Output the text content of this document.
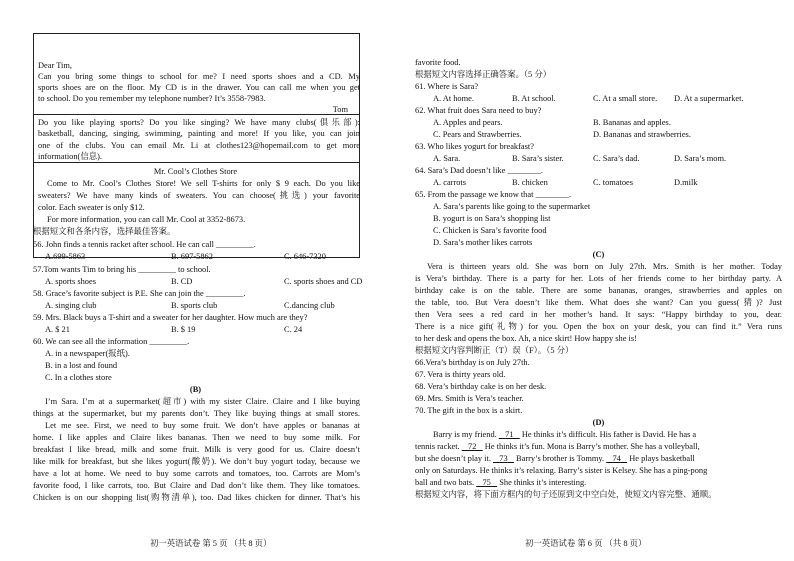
Dear Tim,
Can you bring some things to school for me? I need sports shoes and a CD. My
sports shoes are on the floor. My CD is in the drawer. You can call me when you get
to school. Do you remember my telephone number? It’s 3558-7983.
Tom
Do you like playing sports? Do you like singing? We have many clubs(俱乐部):
basketball, dancing, singing, swimming, painting and more! If you like, you can join
one of the clubs. You can email Mr. Li at clothes123@hopemail.com to get more
information(信息).
Mr. Cool’s Clothes Store
Come to Mr. Cool’s Clothes Store! We sell T-shirts for only $ 9 each. Do you like
sweaters? We have many kinds of sweaters. You can choose(挑选) your favorite
color. Each sweater is only $12.
For more information, you can call Mr. Cool at 3352-8673.
根据短文和各条内容，选择最佳答案。
56. John finds a tennis racket after school. He can call _________.
A.699-5863	B. 697-5862	C. 646-7320
57.Tom wants Tim to bring his _________ to school.
A. sports shoes	B. CD	C. sports shoes and CD
58. Grace’s favorite subject is P.E. She can join the _________.
A. singing club	B. sports club	C.dancing club
59. Mrs. Black buys a T-shirt and a sweater for her daughter. How much are they?
A. $ 21	B. $ 19	C. 24
60. We can see all the information _________.
A. in a newspaper(报纸).
B. in a lost and found
C. In a clothes store
(B)
I’m Sara. I’m at a supermarket(超市) with my sister Claire. Claire and I like buying
things at the supermarket, but my parents don’t. They like buying things at small stores.
Let me see. First, we need to buy some fruit. We don’t have apples or bananas at
home. I like apples and Claire likes bananas. Then we need to buy some milk. For
breakfast I like bread, milk and some fruit. Milk is very good for us. Claire doesn’t
like milk for breakfast, but she likes yogurt(酸奶). We don’t buy yogurt today, because we
have a lot at home. We need to buy some carrots and tomatoes, too. Carrots are Mom’s
favorite food, I like carrots, too. But Claire and Dad don’t like them. They like tomatoes.
Chicken is on our shopping list(购物清单), too. Dad likes chicken for dinner. That’s his
初一英语试卷 第 5 页 （共 8 页）
favorite food.
根据短文内容选择正确答案。（5 分）
61. Where is Sara?
A. At home.	B. At school.	C. At a small store.	D. At a supermarket.
62. What fruit does Sara need to buy?
A. Apples and pears.	B. Bananas and apples.
C. Pears and Strawberries.	D. Bananas and strawberries.
63. Who likes yogurt for breakfast?
A. Sara.	B. Sara’s sister.	C. Sara’s dad.	D. Sara’s mom.
64. Sara’s Dad doesn’t like ________.
A. carrots	B. chicken	C. tomatoes	D.milk
65. From the passage we know that ________.
A. Sara’s parents like going to the supermarket
B. yogurt is on Sara’s shopping list
C. Chicken is Sara’s favorite food
D. Sara’s mother likes carrots
(C)
Vera is thirteen years old. She was born on July 27th. Mrs. Smith is her mother. Today
is Vera’s birthday. There is a party for her. Lots of her friends come to her birthday party. A
birthday cake is on the table. There are some bananas, oranges, strawberries and apples on
the table, too. But Vera doesn’t like them. What does she want? Can you guess(猜)? Just
then Vera sees a red card in her mother’s hand. It says: “Happy birthday to you, dear.
There is a nice gift(礼物) for you. Open the box on your desk, you can find it.” Vera runs
to her desk and opens the box. Ah, a nice skirt! How happy she is!
根据短文内容判断正（T）误（F）。（5 分）
66.Vera’s birthday is on July 27th.
67. Vera is thirty years old.
68. Vera’s birthday cake is on her desk.
69. Mrs. Smith is Vera’s teacher.
70. The gift in the box is a skirt.
(D)
Barry is my friend. 71 He thinks it’s difficult. His father is David. He has a
tennis racket. 72 He thinks it’s fun. Mona is Barry’s mother. She has a volleyball,
but she doesn’t play it. 73 Barry’s brother is Tommy. 74 He plays basketball
only on Saturdays. He thinks it’s relaxing. Barry’s sister is Kelsey. She has a ping-pong
ball and two bats. 75 She thinks it’s interesting.
根据短文内容，将下面方框内的句子还原到文中空白处，使短文内容完整、通顺。
初一英语试卷 第 6 页 （共 8 页）
